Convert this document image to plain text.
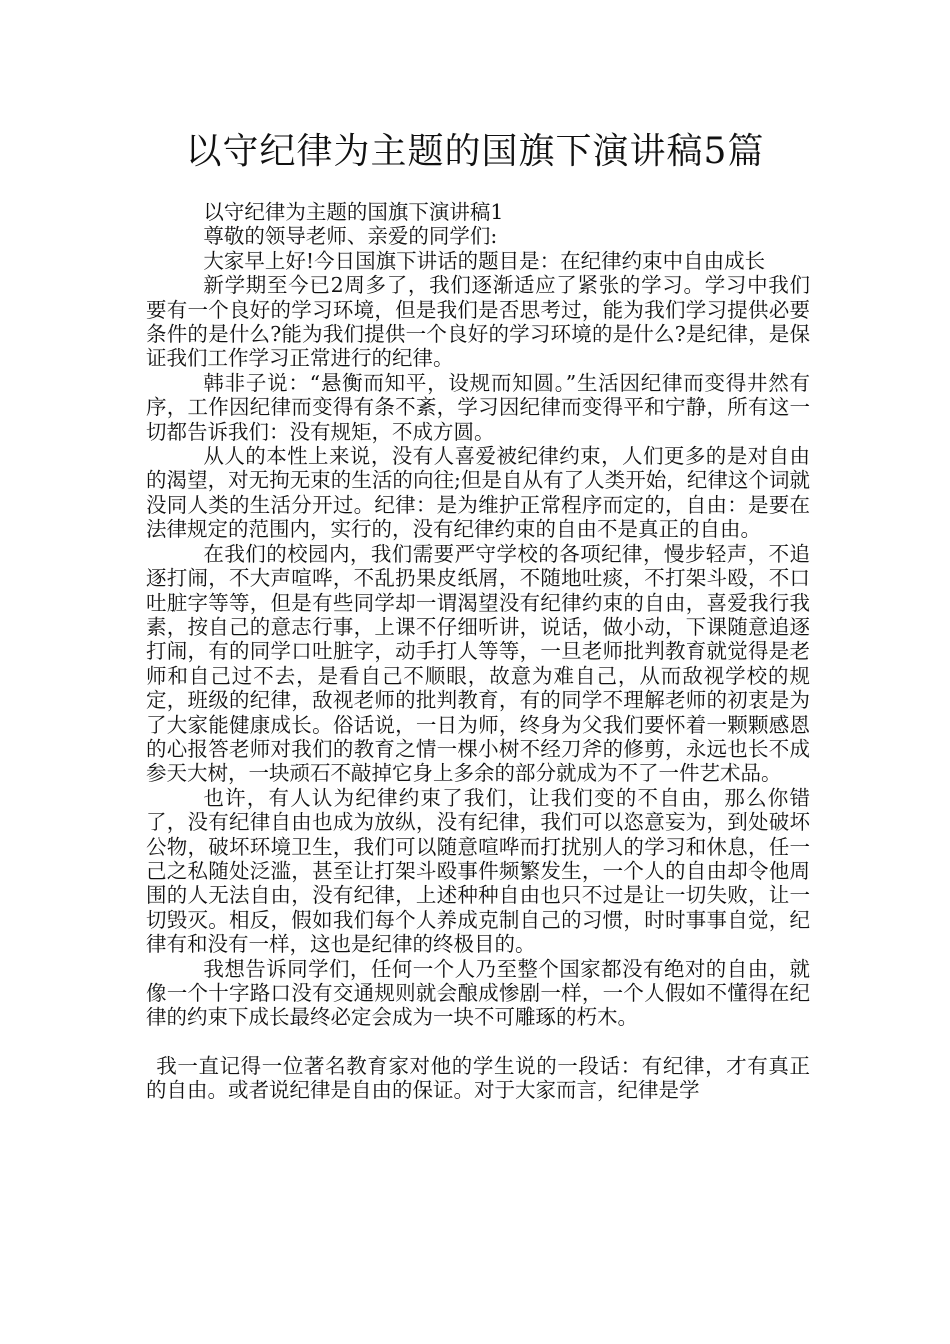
以守纪律为主题的国旗下演讲稿5篇

以守纪律为主题的国旗下演讲稿1

尊敬的领导老师、亲爱的同学们:

大家早上好!今日国旗下讲话的题目是：在纪律约束中自由成长

新学期至今已2周多了，我们逐渐适应了紧张的学习。学习中我们要有一个良好的学习环境，但是我们是否思考过，能为我们学习提供必要条件的是什么?能为我们提供一个良好的学习环境的是什么?是纪律，是保证我们工作学习正常进行的纪律。

韩非子说：“悬衡而知平，设规而知圆。”生活因纪律而变得井然有序，工作因纪律而变得有条不紊，学习因纪律而变得平和宁静，所有这一切都告诉我们：没有规矩，不成方圆。

从人的本性上来说，没有人喜爱被纪律约束，人们更多的是对自由的渴望，对无拘无束的生活的向往;但是自从有了人类开始，纪律这个词就没同人类的生活分开过。纪律：是为维护正常程序而定的，自由：是要在法律规定的范围内，实行的，没有纪律约束的自由不是真正的自由。

在我们的校园内，我们需要严守学校的各项纪律，慢步轻声，不追逐打闹，不大声喧哗，不乱扔果皮纸屑，不随地吐痰，不打架斗殴，不口吐脏字等等，但是有些同学却一谓渴望没有纪律约束的自由，喜爱我行我素，按自己的意志行事，上课不仔细听讲，说话，做小动，下课随意追逐打闹，有的同学口吐脏字，动手打人等等，一旦老师批判教育就觉得是老师和自己过不去，是看自己不顺眼，故意为难自己，从而敌视学校的规定，班级的纪律，敌视老师的批判教育，有的同学不理解老师的初衷是为了大家能健康成长。俗话说，一日为师，终身为父我们要怀着一颗颗感恩的心报答老师对我们的教育之情一棵小树不经刀斧的修剪，永远也长不成参天大树，一块顽石不敲掉它身上多余的部分就成为不了一件艺术品。

也许，有人认为纪律约束了我们，让我们变的不自由，那么你错了，没有纪律自由也成为放纵，没有纪律，我们可以恣意妄为，到处破坏公物，破坏环境卫生，我们可以随意喧哗而打扰别人的学习和休息，任一己之私随处泛滥，甚至让打架斗殴事件频繁发生，一个人的自由却令他周围的人无法自由，没有纪律，上述种种自由也只不过是让一切失败，让一切毁灭。相反，假如我们每个人养成克制自己的习惯，时时事事自觉，纪律有和没有一样，这也是纪律的终极目的。

我想告诉同学们，任何一个人乃至整个国家都没有绝对的自由，就像一个十字路口没有交通规则就会酿成惨剧一样，一个人假如不懂得在纪律的约束下成长最终必定会成为一块不可雕琢的朽木。

我一直记得一位著名教育家对他的学生说的一段话：有纪律，才有真正的自由。或者说纪律是自由的保证。对于大家而言，纪律是学
